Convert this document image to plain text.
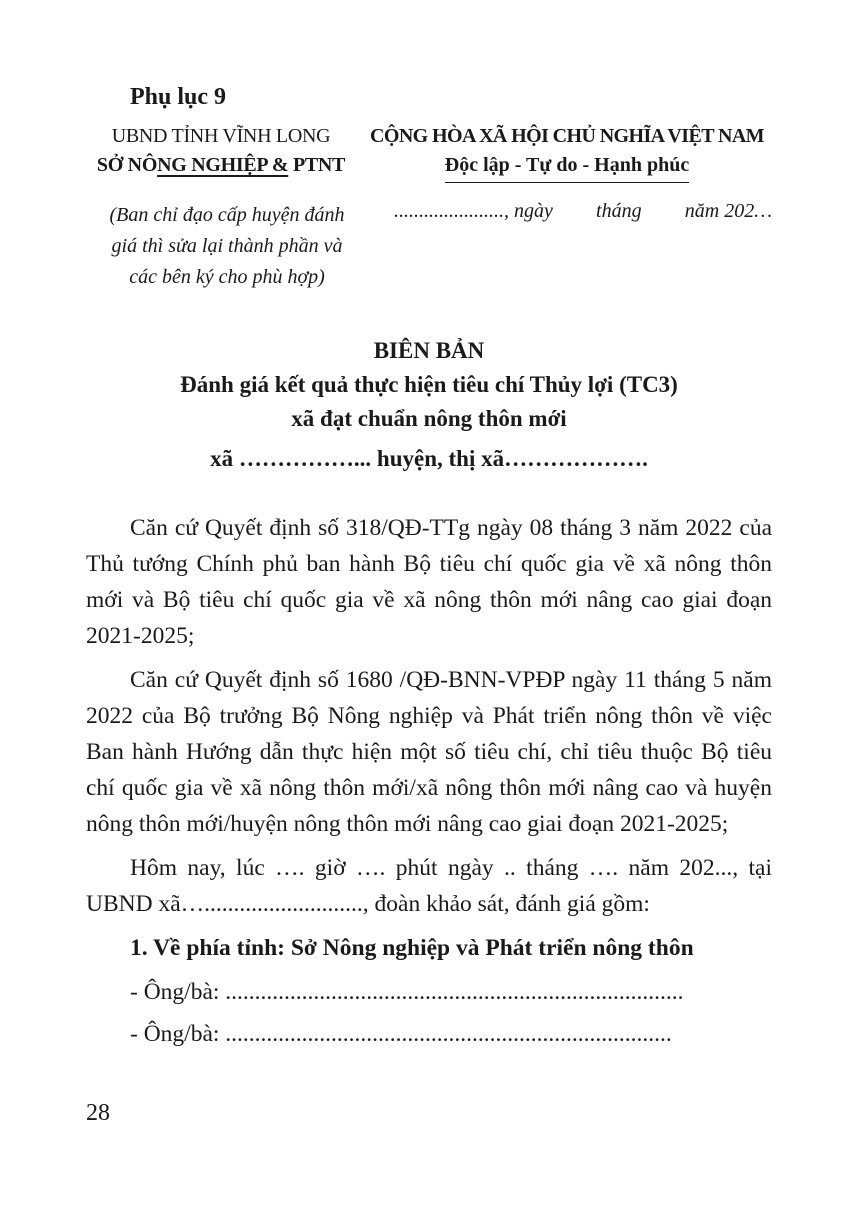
Phụ lục 9
UBND TỈNH VĨNH LONG
SỞ NÔNG NGHIỆP & PTNT
CỘNG HÒA XÃ HỘI CHỦ NGHĨA VIỆT NAM
Độc lập - Tự do - Hạnh phúc
(Ban chỉ đạo cấp huyện đánh
giá thì sửa lại thành phần và
các bên ký cho phù hợp)
......................, ngày tháng năm 202…
BIÊN BẢN
Đánh giá kết quả thực hiện tiêu chí Thủy lợi (TC3)
xã đạt chuẩn nông thôn mới
xã ……………... huyện, thị xã……………….

Căn cứ Quyết định số 318/QĐ-TTg ngày 08 tháng 3 năm 2022 của Thủ tướng Chính phủ ban hành Bộ tiêu chí quốc gia về xã nông thôn mới và Bộ tiêu chí quốc gia về xã nông thôn mới nâng cao giai đoạn 2021-2025;

Căn cứ Quyết định số 1680 /QĐ-BNN-VPĐP ngày 11 tháng 5 năm 2022 của Bộ trưởng Bộ Nông nghiệp và Phát triển nông thôn về việc Ban hành Hướng dẫn thực hiện một số tiêu chí, chỉ tiêu thuộc Bộ tiêu chí quốc gia về xã nông thôn mới/xã nông thôn mới nâng cao và huyện nông thôn mới/huyện nông thôn mới nâng cao giai đoạn 2021-2025;

Hôm nay, lúc …. giờ …. phút ngày .. tháng …. năm 202..., tại UBND xã…..........................., đoàn khảo sát, đánh giá gồm:

1. Về phía tỉnh: Sở Nông nghiệp và Phát triển nông thôn
- Ông/bà: ..............................................................................
- Ông/bà: ............................................................................
28
